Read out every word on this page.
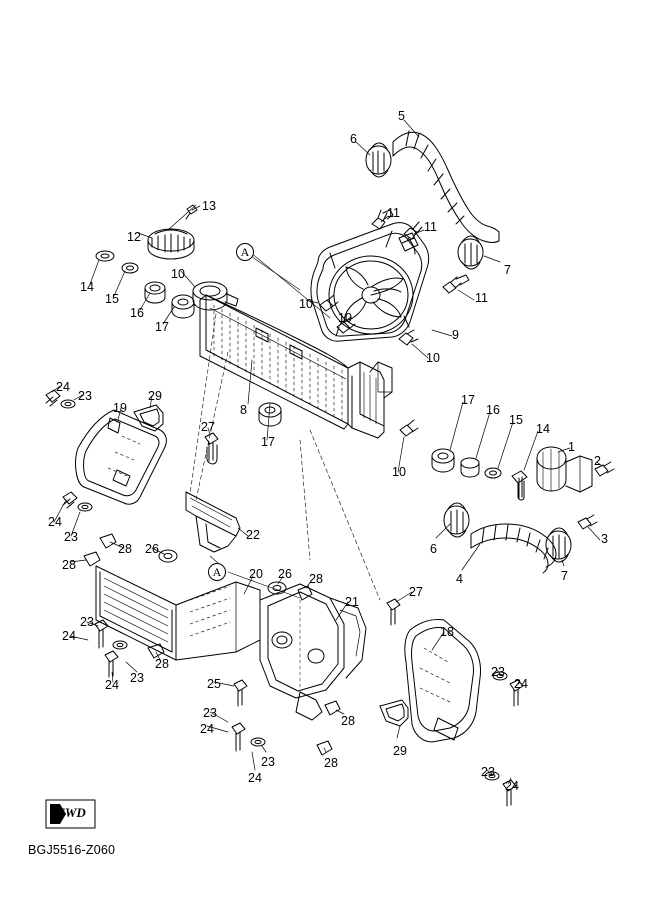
FWD
BGJ5516-Z060
5
6
13	11
11
12
7
14
10
15	10	11
16
17
10
9
10
24
23	29
8
17
16
19
15
27
17
14
1
10
2
24
23	3
6
22
7
28 26
28
4
20 26 28
21
27
23
24	18
23
28
24
23
24
25
28
29
23
24
23	28
24	23
24
A
A
